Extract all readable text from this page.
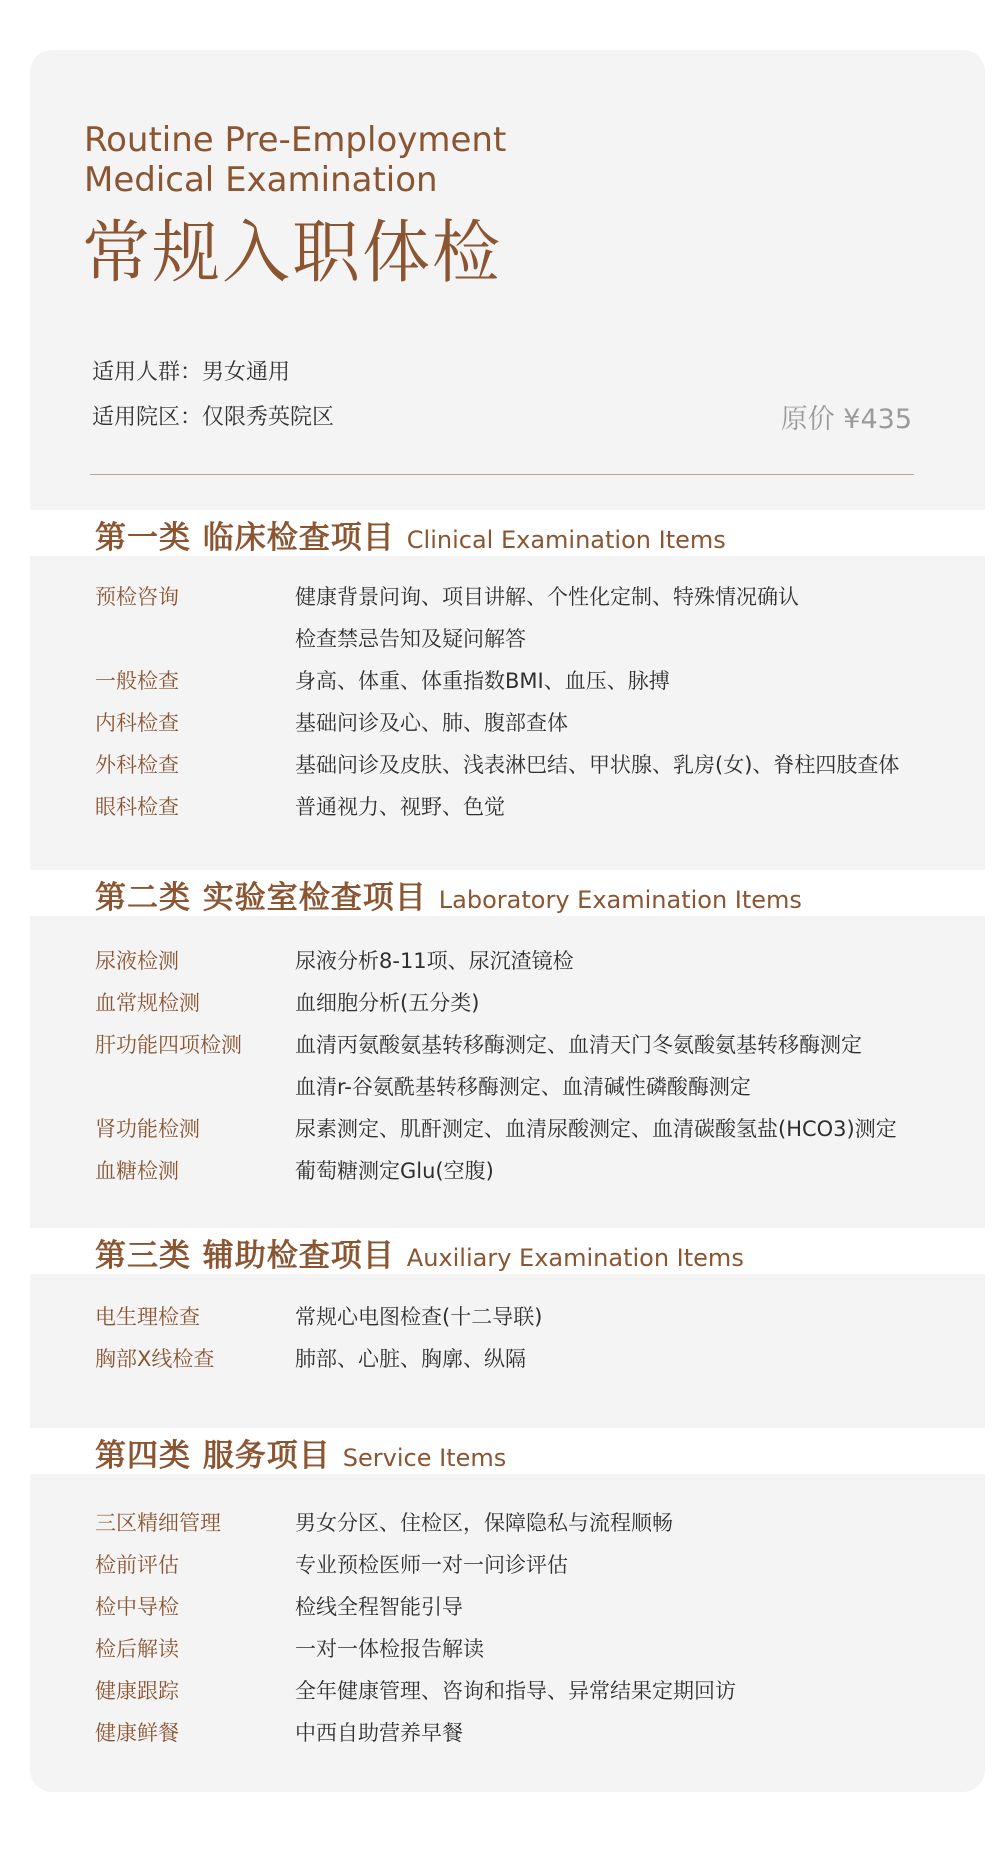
Routine Pre-Employment
Medical Examination
常规入职体检
适用人群：男女通用
适用院区：仅限秀英院区	原价 ¥435
第一类 临床检查项目 Clinical Examination Items
预检咨询	健康背景问询、项目讲解、个性化定制、特殊情况确认
检查禁忌告知及疑问解答
一般检查	身高、体重、体重指数BMI、血压、脉搏
内科检查	基础问诊及心、肺、腹部查体
外科检查	基础问诊及皮肤、浅表淋巴结、甲状腺、乳房(女)、脊柱四肢查体
眼科检查	普通视力、视野、色觉
第二类 实验室检查项目 Laboratory Examination Items
尿液检测	尿液分析8-11项、尿沉渣镜检
血常规检测	血细胞分析(五分类)
肝功能四项检测	血清丙氨酸氨基转移酶测定、血清天门冬氨酸氨基转移酶测定
血清r-谷氨酰基转移酶测定、血清碱性磷酸酶测定
肾功能检测	尿素测定、肌酐测定、血清尿酸测定、血清碳酸氢盐(HCO3)测定
血糖检测	葡萄糖测定Glu(空腹)
第三类 辅助检查项目 Auxiliary Examination Items
电生理检查	常规心电图检查(十二导联)
胸部X线检查	肺部、心脏、胸廓、纵隔
第四类 服务项目 Service Items
三区精细管理	男女分区、住检区，保障隐私与流程顺畅
检前评估	专业预检医师一对一问诊评估
检中导检	检线全程智能引导
检后解读	一对一体检报告解读
健康跟踪	全年健康管理、咨询和指导、异常结果定期回访
健康鲜餐	中西自助营养早餐
